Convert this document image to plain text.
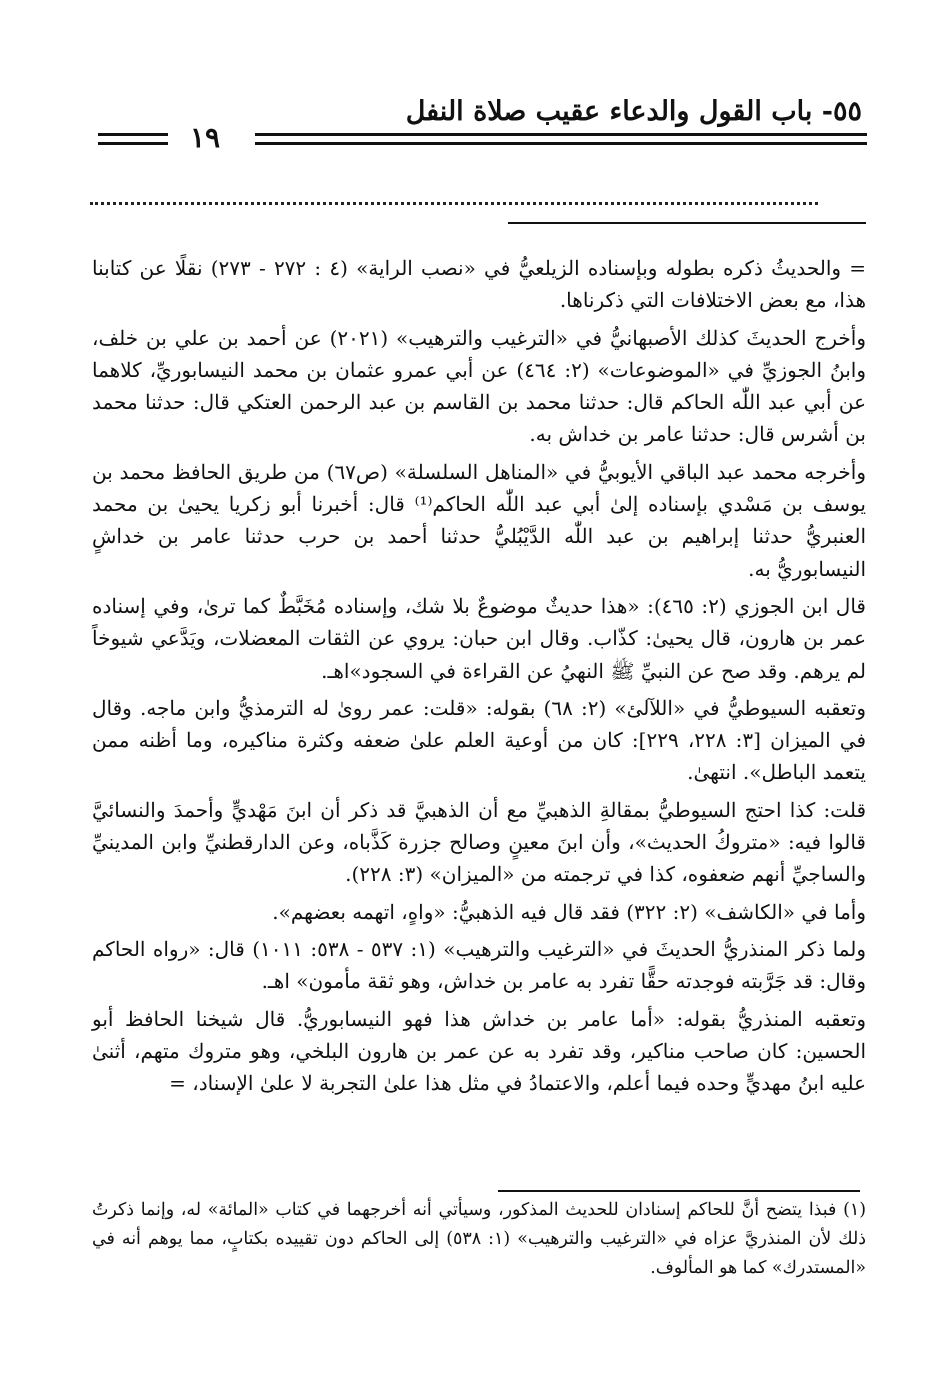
٥٥- باب القول والدعاء عقيب صلاة النفل
١٩

= والحديثُ ذكره بطوله وبإسناده الزيلعيُّ في «نصب الراية» (٤ : ٢٧٢ - ٢٧٣) نقلًا عن كتابنا هذا، مع بعض الاختلافات التي ذكرناها.

وأخرج الحديثَ كذلك الأصبهانيُّ في «الترغيب والترهيب» (٢٠٢١) عن أحمد بن علي بن خلف، وابنُ الجوزيِّ في «الموضوعات» (٢: ٤٦٤) عن أبي عمرو عثمان بن محمد النيسابوريِّ، كلاهما عن أبي عبد اللّٰه الحاكم قال: حدثنا محمد بن القاسم بن عبد الرحمن العتكي قال: حدثنا محمد بن أشرس قال: حدثنا عامر بن خداش به.

وأخرجه محمد عبد الباقي الأيوبيُّ في «المناهل السلسلة» (ص٦٧) من طريق الحافظ محمد بن يوسف بن مَسْدي بإسناده إلىٰ أبي عبد اللّٰه الحاكم⁽¹⁾ قال: أخبرنا أبو زكريا يحيىٰ بن محمد العنبريُّ حدثنا إبراهيم بن عبد اللّٰه الدَّيْبُليُّ حدثنا أحمد بن حرب حدثنا عامر بن خداشٍ النيسابوريُّ به.

قال ابن الجوزي (٢: ٤٦٥): «هذا حديثٌ موضوعٌ بلا شك، وإسناده مُخَبَّطٌ كما ترىٰ، وفي إسناده عمر بن هارون، قال يحيىٰ: كذّاب. وقال ابن حبان: يروي عن الثقات المعضلات، ويَدَّعي شيوخاً لم يرهم. وقد صح عن النبيِّ ﷺ النهيُ عن القراءة في السجود»اهـ.

وتعقبه السيوطيُّ في «اللآلئ» (٢: ٦٨) بقوله: «قلت: عمر روىٰ له الترمذيُّ وابن ماجه. وقال في الميزان [٣: ٢٢٨، ٢٢٩]: كان من أوعية العلم علىٰ ضعفه وكثرة مناكيره، وما أظنه ممن يتعمد الباطل». انتهىٰ.

قلت: كذا احتج السيوطيُّ بمقالةِ الذهبيِّ مع أن الذهبيَّ قد ذكر أن ابنَ مَهْديٍّ وأحمدَ والنسائيَّ قالوا فيه: «متروكُ الحديث»، وأن ابنَ معينٍ وصالح جزرة كَذَّباه، وعن الدارقطنيِّ وابن المدينيِّ والساجيِّ أنهم ضعفوه، كذا في ترجمته من «الميزان» (٣: ٢٢٨).

وأما في «الكاشف» (٢: ٣٢٢) فقد قال فيه الذهبيُّ: «واهٍ، اتهمه بعضهم».

ولما ذكر المنذريُّ الحديثَ في «الترغيب والترهيب» (١: ٥٣٧ - ٥٣٨: ١٠١١) قال: «رواه الحاكم وقال: قد جَرَّبته فوجدته حقًّا تفرد به عامر بن خداش، وهو ثقة مأمون» اهـ.

وتعقبه المنذريُّ بقوله: «أما عامر بن خداش هذا فهو النيسابوريُّ. قال شيخنا الحافظ أبو الحسين: كان صاحب مناكير، وقد تفرد به عن عمر بن هارون البلخي، وهو متروك متهم، أثنىٰ عليه ابنُ مهديٍّ وحده فيما أعلم، والاعتمادُ في مثل هذا علىٰ التجربة لا علىٰ الإسناد، =

(١) فبذا يتضح أنَّ للحاكم إسنادان للحديث المذكور، وسيأتي أنه أخرجهما في كتاب «المائة» له، وإنما ذكرتُ ذلك لأن المنذريَّ عزاه في «الترغيب والترهيب» (١: ٥٣٨) إلى الحاكم دون تقييده بكتابٍ، مما يوهم أنه في «المستدرك» كما هو المألوف.
